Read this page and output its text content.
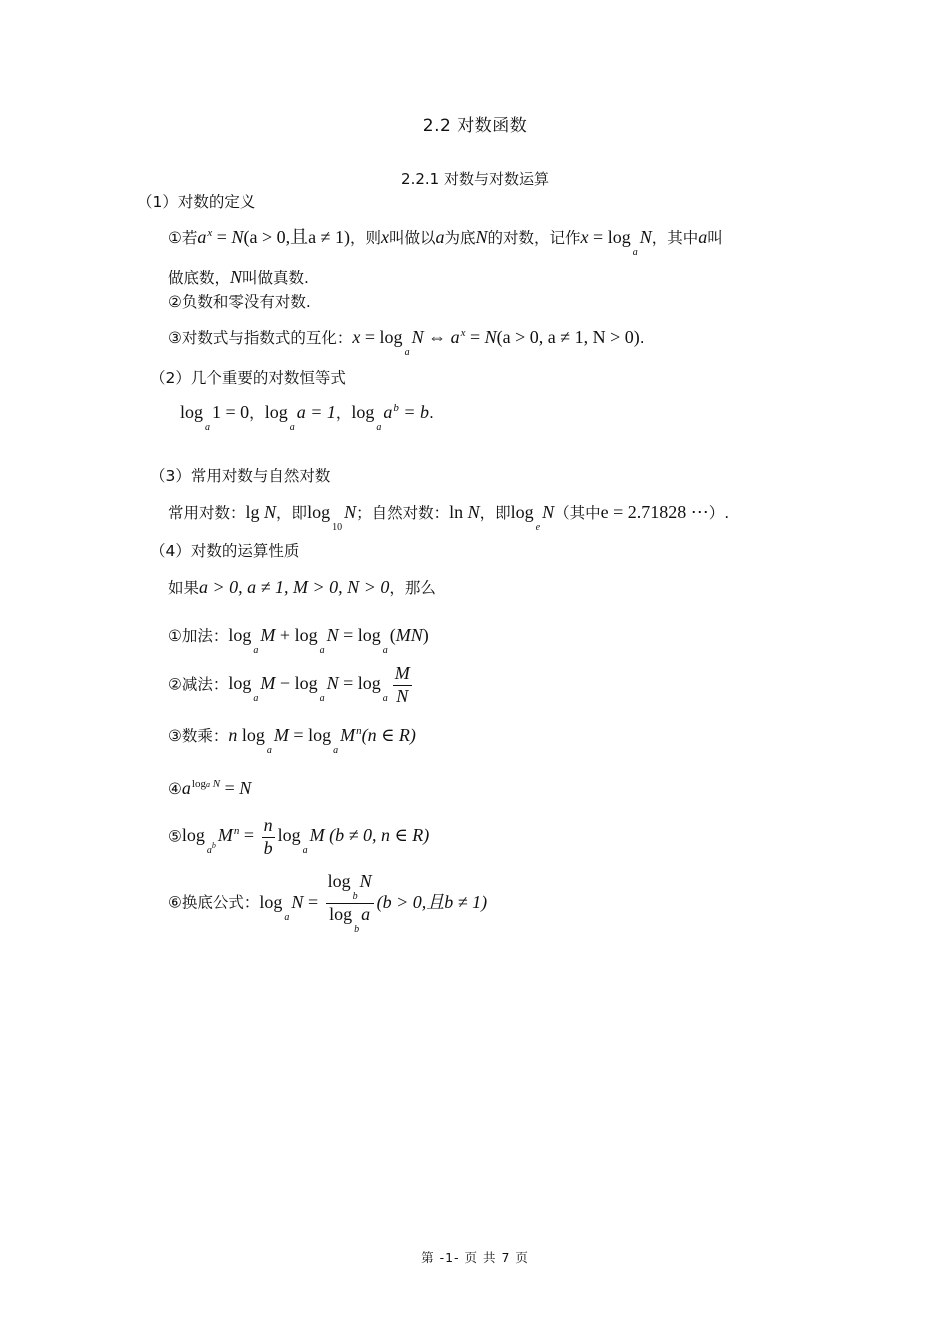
2.2 对数函数
2.2.1 对数与对数运算
（1）对数的定义
①若$a^x = N(a > 0$,且a ≠ 1)，则x叫做以a为底N的对数，记作$x = \log_aN$，其中a叫
做底数，N叫做真数.
②负数和零没有对数.
③对数式与指数式的互化：$x = \log_aN$ ⇔ $a^x = N(a > 0$, a ≠ 1, N > 0).
（2）几个重要的对数恒等式
$\log_a1 = 0$，$\log_aa = 1$，$\log_aa^b = b$.
（3）常用对数与自然对数
常用对数：lg N，即$\log_{10}N$；自然对数：ln N，即$\log_eN$（其中e = 2.71828 ⋯）.
（4）对数的运算性质
如果a > 0, a ≠ 1, M > 0, N > 0，那么
①加法：$\log_aM + \log_aN = \log_a(MN)$
②减法：$\log_aM - \log_aN = \log_a \frac{M}{N}$
③数乘：n $\log_aM = \log_aM^n(n$ ∈ R)
$④a^{loga N} = N$
$⑤\log_{a^b}M^n = \frac{n}{b} \log_aM$ (b ≠ 0, n ∈ R)
⑥换底公式：$\log_aN = \frac{\log_bN}{\log_ba} (b > 0$,且b ≠ 1)
第 -1- 页 共 7 页
